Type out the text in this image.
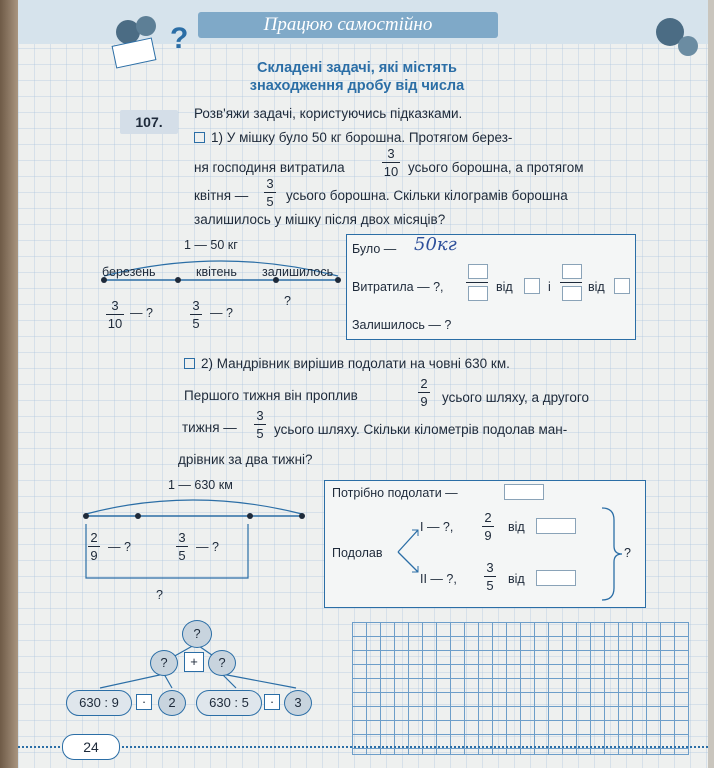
?	Працюю самостійно
Складені задачі, які містять
знаходження дробу від числа
107.
Розв'яжи задачі, користуючись підказками.
1) У мішку було 50 кг борошна. Протягом берез-
ня господиня витратила
3
10 усього борошна, а протягом
квітня —
3
5 усього борошна. Скільки кілограмів борошна
залишилось у мішку після двох місяців?
1 — 50 кг
березень	квітень залишилось
3
10
— ?	3
5
— ?
?
Було — 50кг
Витратила — ?,	від	і	від
Залишилось — ?
2) Мандрівник вирішив подолати на човні 630 км.
Першого тижня він проплив
2
9 усього шляху, а другого
тижня —
3
5 усього шляху. Скільки кілометрів подолав ман-
дрівник за два тижні?
1 — 630 км
2
9
— ?
3
5
— ?
?
Потрібно подолати —
Подолав
I — ?,
2
9
від
II — ?,
3
5 від
?
?
?	+	?
630 : 9	·	2	630 : 5	·	3
24
